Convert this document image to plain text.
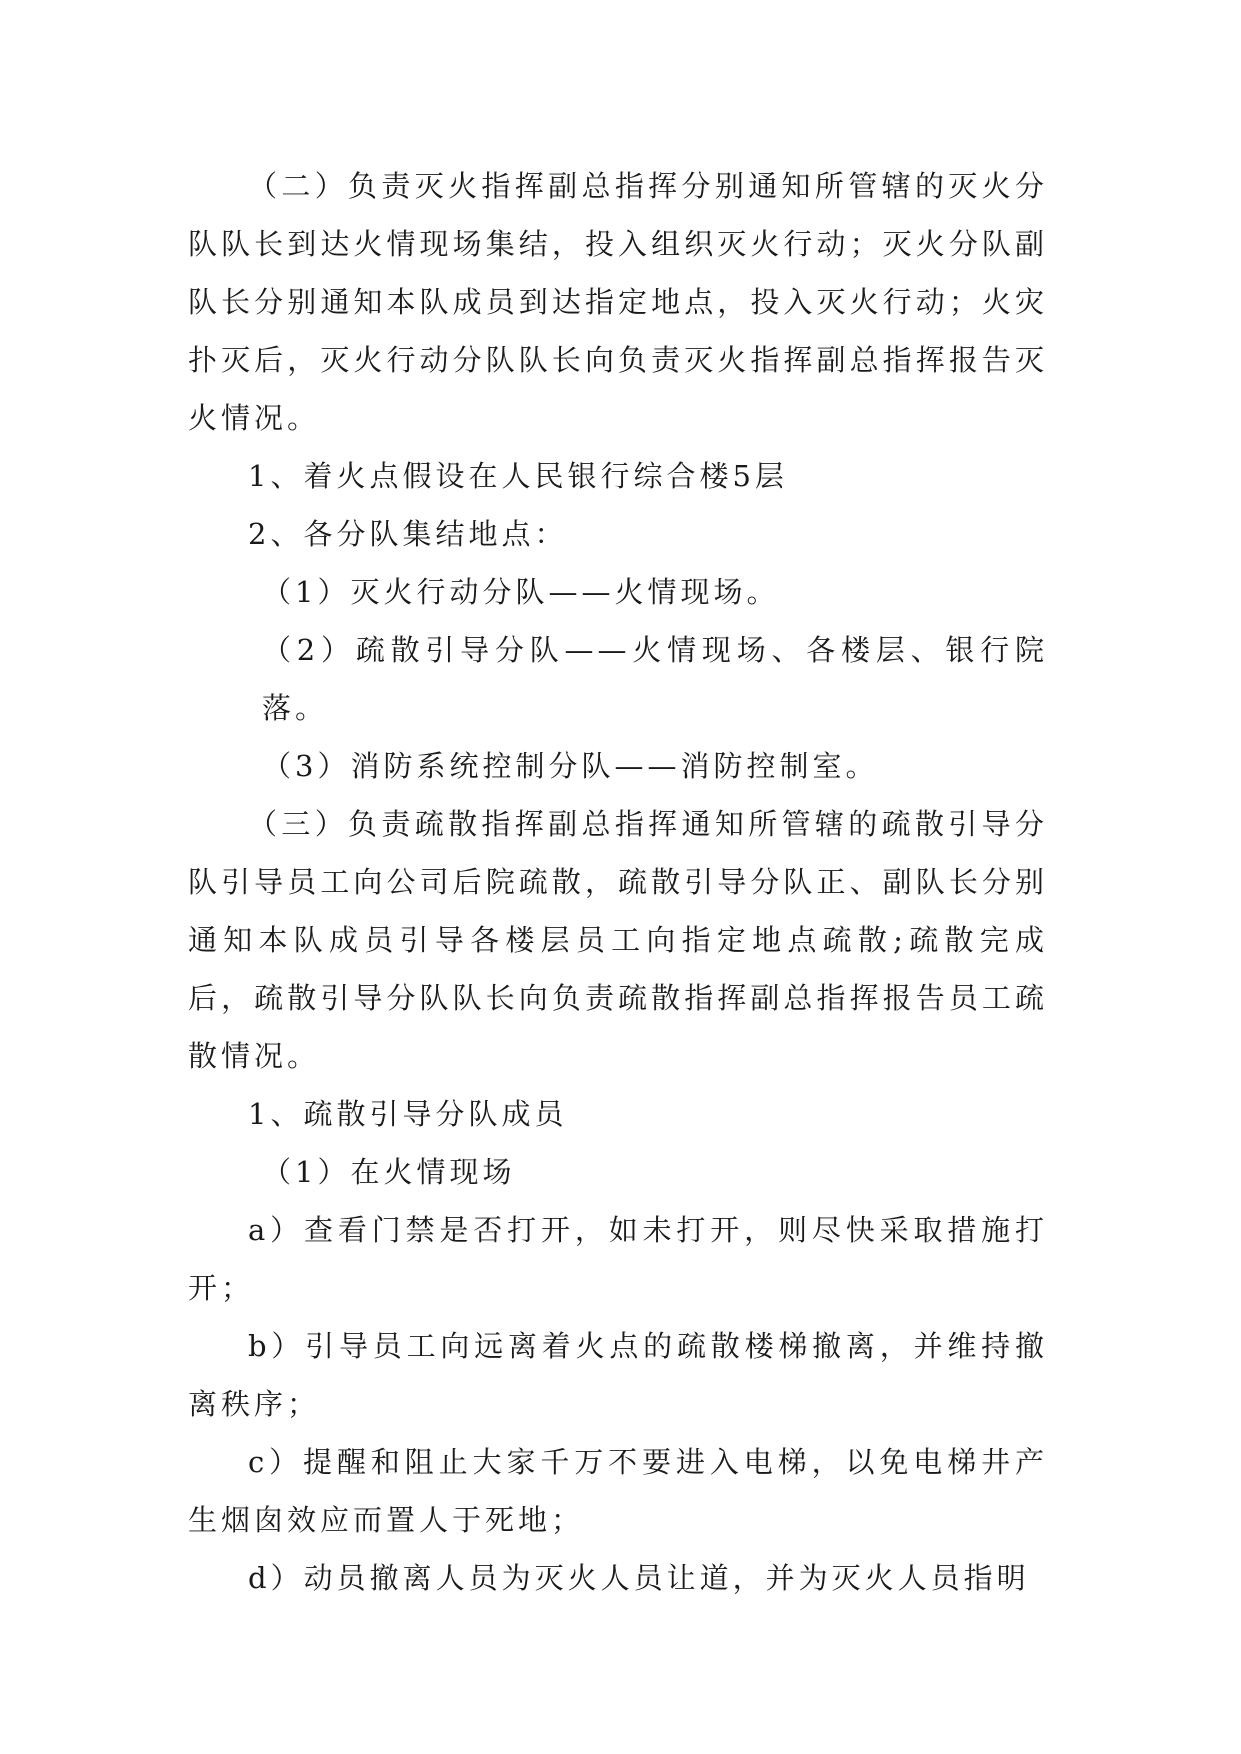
（二）负责灭火指挥副总指挥分别通知所管辖的灭火分队队长到达火情现场集结，投入组织灭火行动；灭火分队副队长分别通知本队成员到达指定地点，投入灭火行动；火灾扑灭后，灭火行动分队队长向负责灭火指挥副总指挥报告灭火情况。

1、着火点假设在人民银行综合楼5层

2、各分队集结地点：

（1）灭火行动分队——火情现场。

（2）疏散引导分队——火情现场、各楼层、银行院落。

（3）消防系统控制分队——消防控制室。

（三）负责疏散指挥副总指挥通知所管辖的疏散引导分队引导员工向公司后院疏散，疏散引导分队正、副队长分别通知本队成员引导各楼层员工向指定地点疏散;疏散完成后，疏散引导分队队长向负责疏散指挥副总指挥报告员工疏散情况。

1、疏散引导分队成员

（1）在火情现场

a）查看门禁是否打开，如未打开，则尽快采取措施打开；

b）引导员工向远离着火点的疏散楼梯撤离，并维持撤离秩序；

c）提醒和阻止大家千万不要进入电梯，以免电梯井产生烟囱效应而置人于死地；

d）动员撤离人员为灭火人员让道，并为灭火人员指明
